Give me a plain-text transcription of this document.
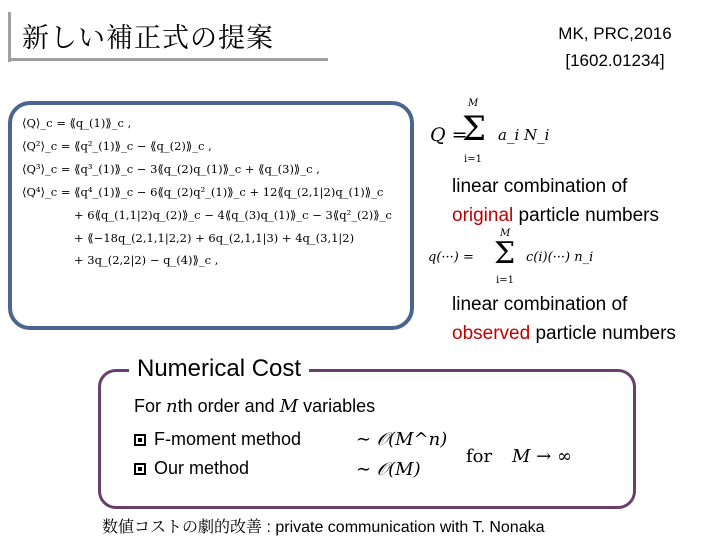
新しい補正式の提案	MK, PRC,2016
[1602.01234]
⟨Q⟩_c = ⟪q_(1)⟫_c ,
⟨Q²⟩_c = ⟪q²_(1)⟫_c − ⟪q_(2)⟫_c ,
⟨Q³⟩_c = ⟪q³_(1)⟫_c − 3⟪q_(2)q_(1)⟫_c + ⟪q_(3)⟫_c ,
⟨Q⁴⟩_c = ⟪q⁴_(1)⟫_c − 6⟪q_(2)q²_(1)⟫_c + 12⟪q_(2,1|2)q_(1)⟫_c
+ 6⟪q_(1,1|2)q_(2)⟫_c − 4⟪q_(3)q_(1)⟫_c − 3⟪q²_(2)⟫_c
+ ⟪−18q_(2,1,1|2,2) + 6q_(2,1,1|3) + 4q_(3,1|2)
+ 3q_(2,2|2) − q_(4)⟫_c ,
Q =
M
Σ
i=1
a_i N_i
linear combination of
original particle numbers
q(···) =
M
Σ
i=1
c(i)(···) n_i
linear combination of
observed particle numbers
Numerical Cost
For nth order and M variables
F-moment method	∼ 𝒪(M^n)
Our method	∼ 𝒪(M)
for M → ∞
数値コストの劇的改善 : private communication with T. Nonaka
